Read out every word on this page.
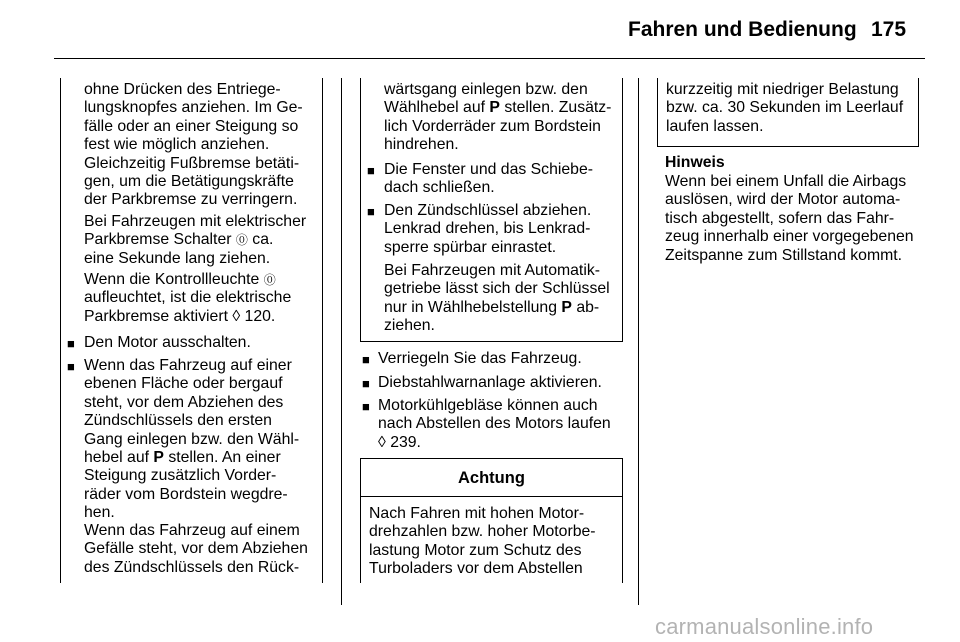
Fahren und Bedienung 175
ohne Drücken des Entriege-
lungsknopfes anziehen. Im Ge-
fälle oder an einer Steigung so
fest wie möglich anziehen.
Gleichzeitig Fußbremse betäti-
gen, um die Betätigungskräfte
der Parkbremse zu verringern.
Bei Fahrzeugen mit elektrischer
Parkbremse Schalter ⓪ ca.
eine Sekunde lang ziehen.
Wenn die Kontrollleuchte ⓪
aufleuchtet, ist die elektrische
Parkbremse aktiviert ◊ 120.
■ Den Motor ausschalten.
■ Wenn das Fahrzeug auf einer
ebenen Fläche oder bergauf
steht, vor dem Abziehen des
Zündschlüssels den ersten
Gang einlegen bzw. den Wähl-
hebel auf P stellen. An einer
Steigung zusätzlich Vorder-
räder vom Bordstein wegdre-
hen.
Wenn das Fahrzeug auf einem
Gefälle steht, vor dem Abziehen
des Zündschlüssels den Rück-
wärtsgang einlegen bzw. den
Wählhebel auf P stellen. Zusätz-
lich Vorderräder zum Bordstein
hindrehen.
■ Die Fenster und das Schiebe-
dach schließen.
■ Den Zündschlüssel abziehen.
Lenkrad drehen, bis Lenkrad-
sperre spürbar einrastet.
Bei Fahrzeugen mit Automatik-
getriebe lässt sich der Schlüssel
nur in Wählhebelstellung P ab-
ziehen.
■ Verriegeln Sie das Fahrzeug.
■ Diebstahlwarnanlage aktivieren.
■ Motorkühlgebläse können auch
nach Abstellen des Motors laufen
◊ 239.
Achtung
Nach Fahren mit hohen Motor-
drehzahlen bzw. hoher Motorbe-
lastung Motor zum Schutz des
Turboladers vor dem Abstellen
kurzzeitig mit niedriger Belastung
bzw. ca. 30 Sekunden im Leerlauf
laufen lassen.
Hinweis
Wenn bei einem Unfall die Airbags
auslösen, wird der Motor automa-
tisch abgestellt, sofern das Fahr-
zeug innerhalb einer vorgegebenen
Zeitspanne zum Stillstand kommt.
carmanualsonline.info
